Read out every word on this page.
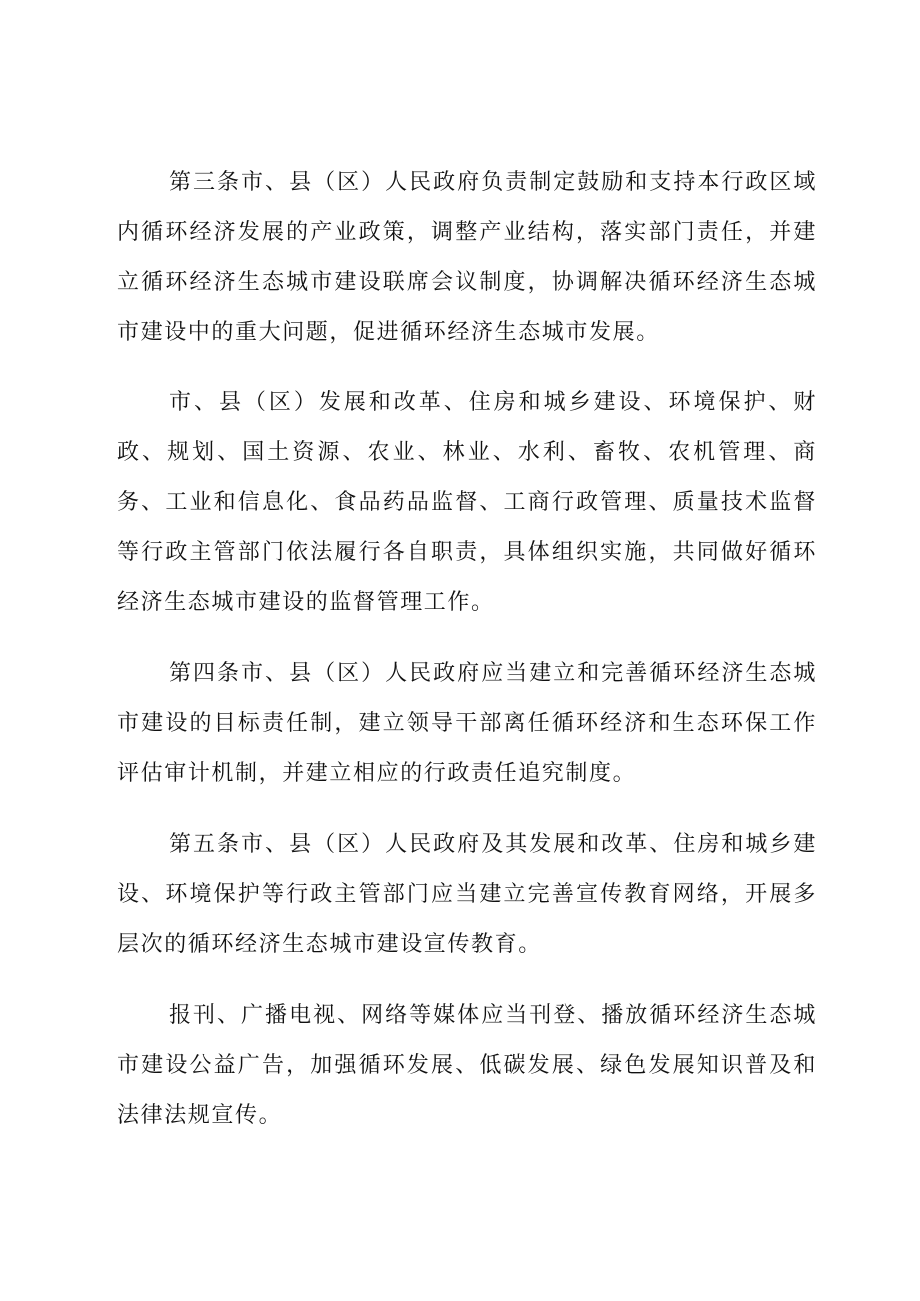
第三条市、县（区）人民政府负责制定鼓励和支持本行政区域内循环经济发展的产业政策，调整产业结构，落实部门责任，并建立循环经济生态城市建设联席会议制度，协调解决循环经济生态城市建设中的重大问题，促进循环经济生态城市发展。

市、县（区）发展和改革、住房和城乡建设、环境保护、财政、规划、国土资源、农业、林业、水利、畜牧、农机管理、商务、工业和信息化、食品药品监督、工商行政管理、质量技术监督等行政主管部门依法履行各自职责，具体组织实施，共同做好循环经济生态城市建设的监督管理工作。

第四条市、县（区）人民政府应当建立和完善循环经济生态城市建设的目标责任制，建立领导干部离任循环经济和生态环保工作评估审计机制，并建立相应的行政责任追究制度。

第五条市、县（区）人民政府及其发展和改革、住房和城乡建设、环境保护等行政主管部门应当建立完善宣传教育网络，开展多层次的循环经济生态城市建设宣传教育。

报刊、广播电视、网络等媒体应当刊登、播放循环经济生态城市建设公益广告，加强循环发展、低碳发展、绿色发展知识普及和法律法规宣传。
